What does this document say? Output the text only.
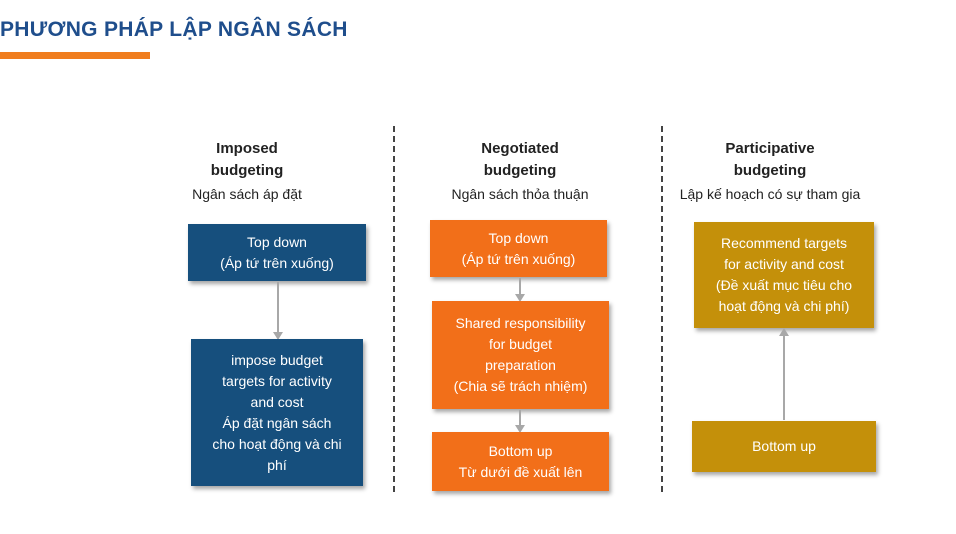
PHƯƠNG PHÁP LẬP NGÂN SÁCH
Imposed
budgeting
Ngân sách áp đặt
Top down
(Áp tứ trên xuống)
impose budget
targets for activity
and cost
Áp đặt ngân sách
cho hoạt động và chi
phí
Negotiated
budgeting
Ngân sách thỏa thuận
Top down
(Áp tứ trên xuống)
Shared responsibility
for budget
preparation
(Chia sẽ trách nhiệm)
Bottom up
Từ dưới đề xuất lên
Participative
budgeting
Lập kế hoạch có sự tham gia
Recommend targets
for activity and cost
(Đề xuất mục tiêu cho
hoạt động và chi phí)
Bottom up
